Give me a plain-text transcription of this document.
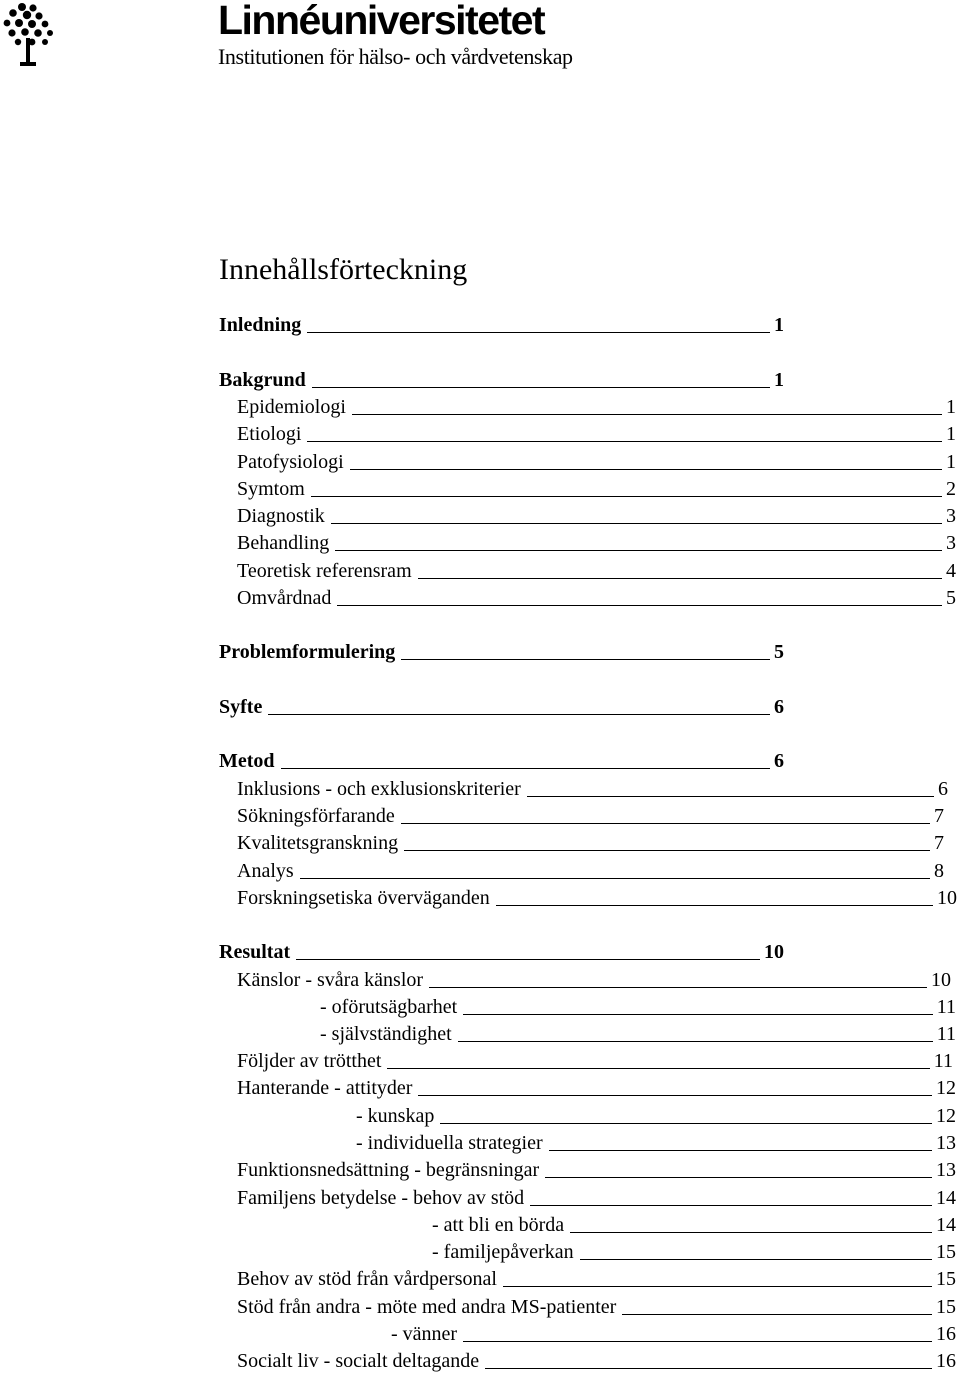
Linnéuniversitetet
Institutionen för hälso- och vårdvetenskap
Innehållsförteckning
Inledning	1
Bakgrund	1
Epidemiologi	1
Etiologi	1
Patofysiologi	1
Symtom	2
Diagnostik	3
Behandling	3
Teoretisk referensram	4
Omvårdnad	5
Problemformulering	5
Syfte	6
Metod	6
Inklusions - och exklusionskriterier	6
Sökningsförfarande	7
Kvalitetsgranskning	7
Analys	8
Forskningsetiska överväganden	10
Resultat	10
Känslor - svåra känslor	10
- oförutsägbarhet	11
- självständighet	11
Följder av trötthet	11
Hanterande - attityder	12
- kunskap	12
- individuella strategier	13
Funktionsnedsättning - begränsningar	13
Familjens betydelse - behov av stöd	14
- att bli en börda	14
- familjepåverkan	15
Behov av stöd från vårdpersonal	15
Stöd från andra - möte med andra MS-patienter	15
- vänner	16
Socialt liv - socialt deltagande	16
